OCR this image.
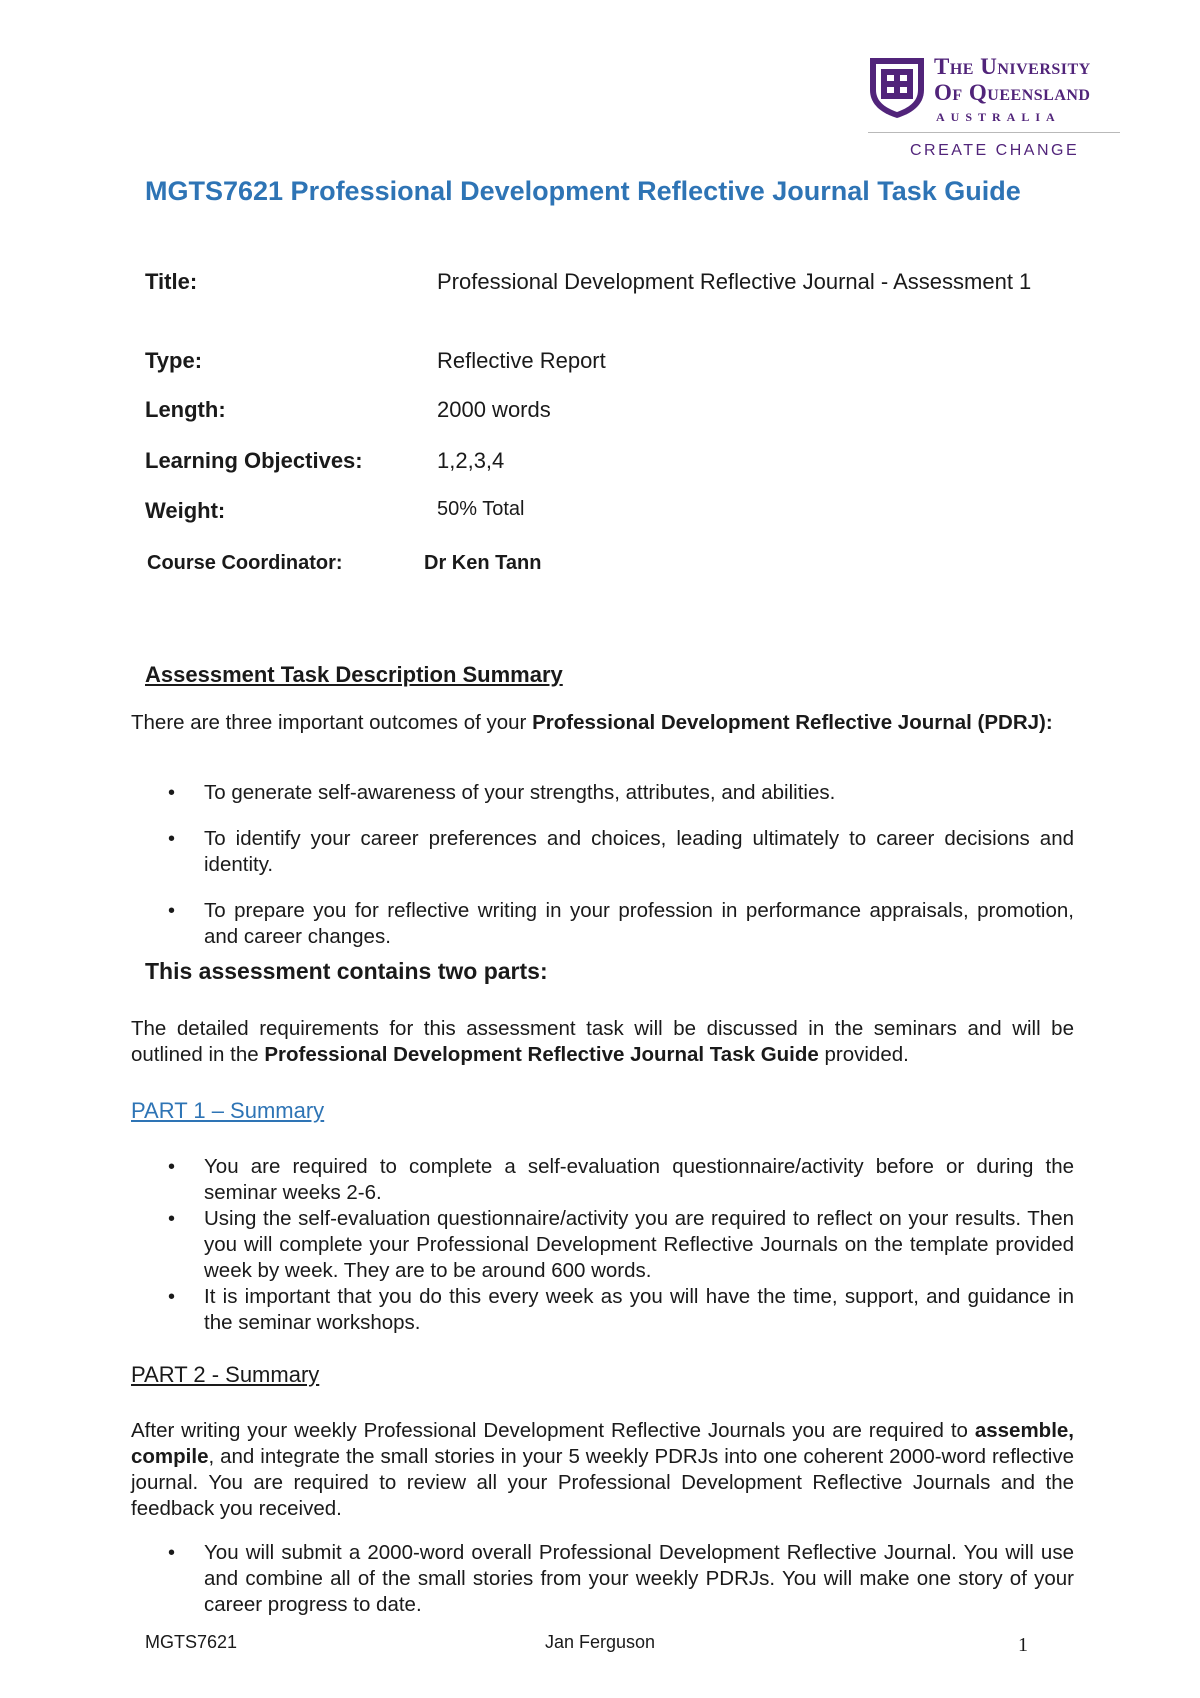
The University
Of Queensland
AUSTRALIA
CREATE CHANGE
MGTS7621 Professional Development Reflective Journal Task Guide
Title:	Professional Development Reflective Journal - Assessment 1
Type:	Reflective Report
Length:	2000 words
Learning Objectives:	1,2,3,4
Weight:	50% Total
Course Coordinator:	Dr Ken Tann
Assessment Task Description Summary

There are three important outcomes of your Professional Development Reflective Journal (PDRJ):

• To generate self-awareness of your strengths, attributes, and abilities.
• To identify your career preferences and choices, leading ultimately to career decisions and identity.
• To prepare you for reflective writing in your profession in performance appraisals, promotion, and career changes.
This assessment contains two parts:

The detailed requirements for this assessment task will be discussed in the seminars and will be outlined in the Professional Development Reflective Journal Task Guide provided.

PART 1 – Summary
• You are required to complete a self-evaluation questionnaire/activity before or during the seminar weeks 2-6.
• Using the self-evaluation questionnaire/activity you are required to reflect on your results. Then you will complete your Professional Development Reflective Journals on the template provided week by week. They are to be around 600 words.
• It is important that you do this every week as you will have the time, support, and guidance in the seminar workshops.
PART 2 - Summary

After writing your weekly Professional Development Reflective Journals you are required to assemble, compile, and integrate the small stories in your 5 weekly PDRJs into one coherent 2000-word reflective journal. You are required to review all your Professional Development Reflective Journals and the feedback you received.

• You will submit a 2000-word overall Professional Development Reflective Journal. You will use and combine all of the small stories from your weekly PDRJs. You will make one story of your career progress to date.
MGTS7621	Jan Ferguson	1
